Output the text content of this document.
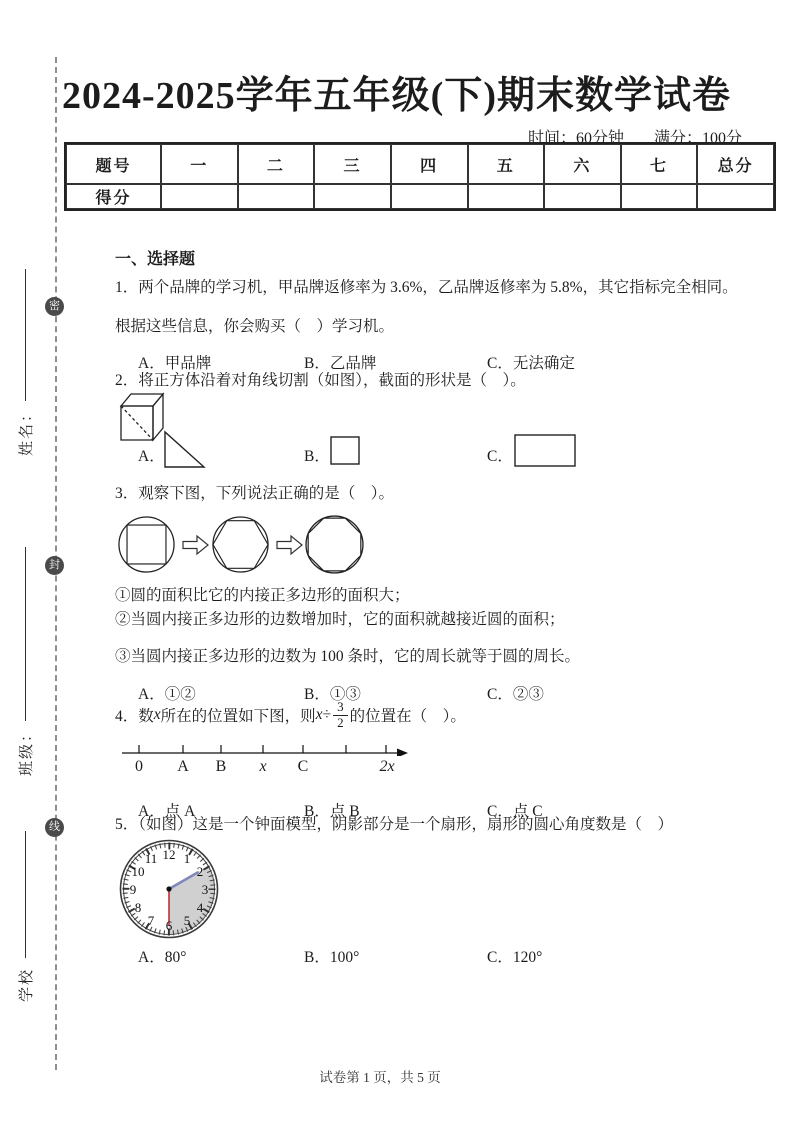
密
封
线
姓名：
班级：
学校
2024-2025学年五年级(下)期末数学试卷
时间：60分钟 满分：100分
题号	一	二	三	四	五	六	七	总分
得分
一、选择题
1．两个品牌的学习机，甲品牌返修率为 3.6%，乙品牌返修率为 5.8%，其它指标完全相同。
根据这些信息，你会购买（　）学习机。
A．甲品牌	B．乙品牌	C．无法确定
2．将正方体沿着对角线切割（如图），截面的形状是（　）。
A．	B．	C．
3．观察下图，下列说法正确的是（　）。
①圆的面积比它的内接正多边形的面积大；
②当圆内接正多边形的边数增加时，它的面积就越接近圆的面积；
③当圆内接正多边形的边数为 100 条时，它的周长就等于圆的周长。
A．①②	B．①③	C．②③
4．数 x 所在的位置如下图，则 $x \div \frac{3}{2}$ 的位置在（　）。
0 A B x C	2x
A．点 A	B．点 B	C．点 C
5．（如图）这是一个钟面模型，阴影部分是一个扇形，扇形的圆心角度数是（　）
12 1
2
3
4
5
6
7
8
9
10
11
A．80°	B．100°	C．120°
试卷第 1 页，共 5 页
